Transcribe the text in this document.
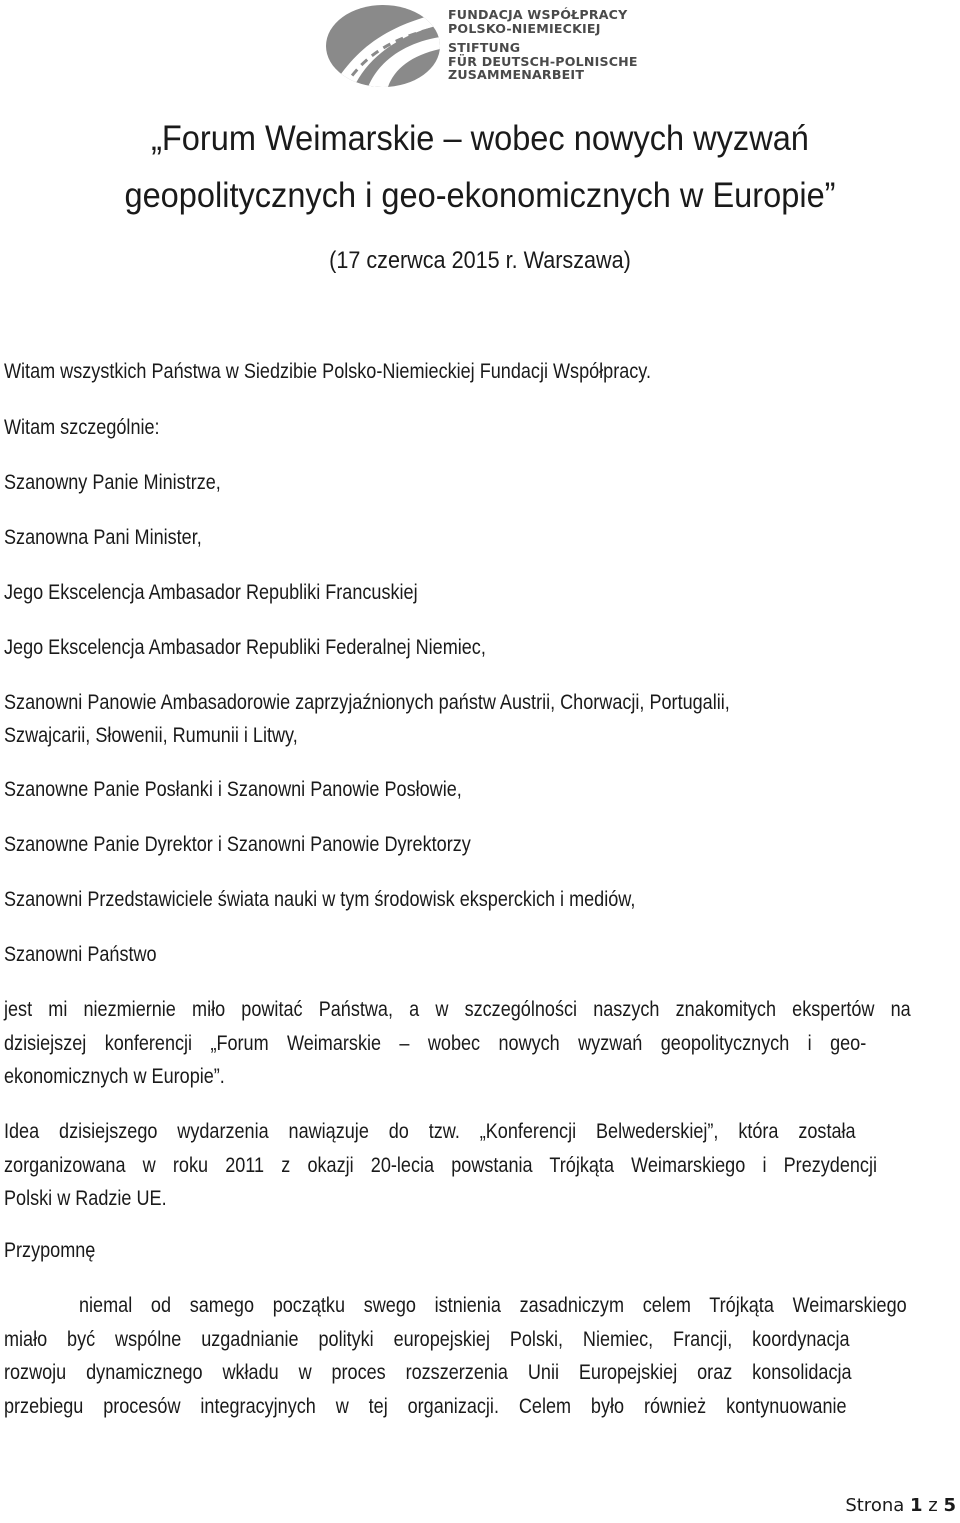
FUNDACJA WSPÓŁPRACY
POLSKO-NIEMIECKIEJ
STIFTUNG
FÜR DEUTSCH-POLNISCHE
ZUSAMMENARBEIT
„Forum Weimarskie – wobec nowych wyzwań
geopolitycznych i geo-ekonomicznych w Europie”
(17 czerwca 2015 r. Warszawa)
Witam wszystkich Państwa w Siedzibie Polsko-Niemieckiej Fundacji Współpracy.
Witam szczególnie:
Szanowny Panie Ministrze,
Szanowna Pani Minister,
Jego Ekscelencja Ambasador Republiki Francuskiej
Jego Ekscelencja Ambasador Republiki Federalnej Niemiec,
Szanowni Panowie Ambasadorowie zaprzyjaźnionych państw Austrii, Chorwacji, Portugalii,
Szwajcarii, Słowenii, Rumunii i Litwy,
Szanowne Panie Posłanki i Szanowni Panowie Posłowie,
Szanowne Panie Dyrektor i Szanowni Panowie Dyrektorzy
Szanowni Przedstawiciele świata nauki w tym środowisk eksperckich i mediów,
Szanowni Państwo
jest mi niezmiernie miło powitać Państwa, a w szczególności naszych znakomitych ekspertów na
dzisiejszej konferencji „Forum Weimarskie – wobec nowych wyzwań geopolitycznych i geo-
ekonomicznych w Europie”.
Idea dzisiejszego wydarzenia nawiązuje do tzw. „Konferencji Belwederskiej”, która została
zorganizowana w roku 2011 z okazji 20-lecia powstania Trójkąta Weimarskiego i Prezydencji
Polski w Radzie UE.
Przypomnę
niemal od samego początku swego istnienia zasadniczym celem Trójkąta Weimarskiego
miało być wspólne uzgadnianie polityki europejskiej Polski, Niemiec, Francji, koordynacja
rozwoju dynamicznego wkładu w proces rozszerzenia Unii Europejskiej oraz konsolidacja
przebiegu procesów integracyjnych w tej organizacji. Celem było również kontynuowanie
Strona 1 z 5
